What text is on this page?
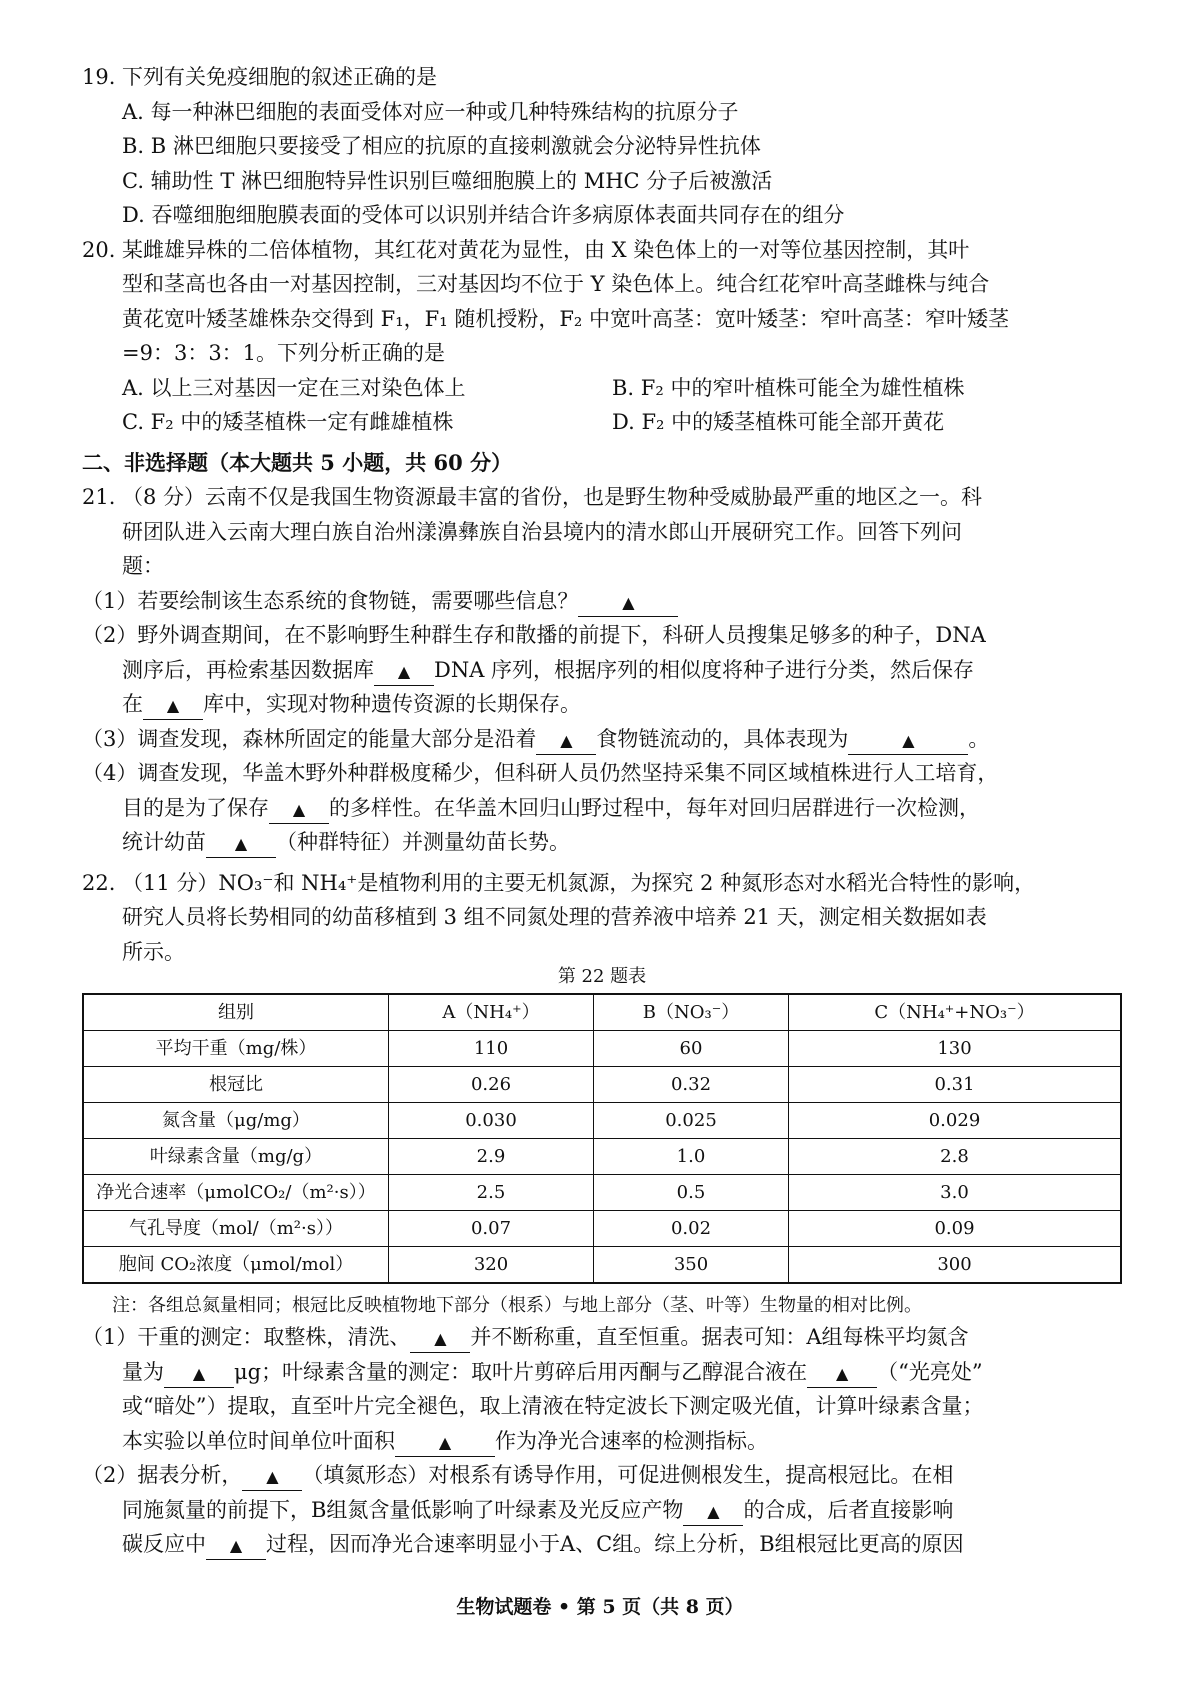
19. 下列有关免疫细胞的叙述正确的是

A. 每一种淋巴细胞的表面受体对应一种或几种特殊结构的抗原分子

B. B 淋巴细胞只要接受了相应的抗原的直接刺激就会分泌特异性抗体

C. 辅助性 T 淋巴细胞特异性识别巨噬细胞膜上的 MHC 分子后被激活

D. 吞噬细胞细胞膜表面的受体可以识别并结合许多病原体表面共同存在的组分

20. 某雌雄异株的二倍体植物，其红花对黄花为显性，由 X 染色体上的一对等位基因控制，其叶

型和茎高也各由一对基因控制，三对基因均不位于 Y 染色体上。纯合红花窄叶高茎雌株与纯合

黄花宽叶矮茎雄株杂交得到 F₁，F₁ 随机授粉，F₂ 中宽叶高茎：宽叶矮茎：窄叶高茎：窄叶矮茎

=9：3：3：1。下列分析正确的是

A. 以上三对基因一定在三对染色体上	B. F₂ 中的窄叶植株可能全为雄性植株

C. F₂ 中的矮茎植株一定有雌雄植株	D. F₂ 中的矮茎植株可能全部开黄花

二、非选择题（本大题共 5 小题，共 60 分）

21. （8 分）云南不仅是我国生物资源最丰富的省份，也是野生物种受威胁最严重的地区之一。科

研团队进入云南大理白族自治州漾濞彝族自治县境内的清水郎山开展研究工作。回答下列问

题：

（1）若要绘制该生态系统的食物链，需要哪些信息？	▲

（2）野外调查期间，在不影响野生种群生存和散播的前提下，科研人员搜集足够多的种子，DNA

测序后，再检索基因数据库 ▲ DNA 序列，根据序列的相似度将种子进行分类，然后保存

在 ▲ 库中，实现对物种遗传资源的长期保存。

（3）调查发现，森林所固定的能量大部分是沿着 ▲ 食物链流动的，具体表现为	▲	。

（4）调查发现，华盖木野外种群极度稀少，但科研人员仍然坚持采集不同区域植株进行人工培育，

目的是为了保存 ▲ 的多样性。在华盖木回归山野过程中，每年对回归居群进行一次检测，

统计幼苗 ▲ （种群特征）并测量幼苗长势。

22. （11 分）NO₃⁻和 NH₄⁺是植物利用的主要无机氮源，为探究 2 种氮形态对水稻光合特性的影响，

研究人员将长势相同的幼苗移植到 3 组不同氮处理的营养液中培养 21 天，测定相关数据如表

所示。

第 22 题表
组别	A（NH₄⁺）	B（NO₃⁻）	C（NH₄⁺+NO₃⁻）
平均干重（mg/株）	110	60	130
根冠比	0.26	0.32	0.31
氮含量（μg/mg）	0.030	0.025	0.029
叶绿素含量（mg/g）	2.9	1.0	2.8
净光合速率（μmolCO₂/（m²·s））	2.5	0.5	3.0
气孔导度（mol/（m²·s））	0.07	0.02	0.09
胞间 CO₂浓度（μmol/mol）	320	350	300
注：各组总氮量相同；根冠比反映植物地下部分（根系）与地上部分（茎、叶等）生物量的相对比例。

（1）干重的测定：取整株，清洗、 ▲ 并不断称重，直至恒重。据表可知：A组每株平均氮含

量为 ▲ μg；叶绿素含量的测定：取叶片剪碎后用丙酮与乙醇混合液在 ▲ （“光亮处”

或“暗处”）提取，直至叶片完全褪色，取上清液在特定波长下测定吸光值，计算叶绿素含量；

本实验以单位时间单位叶面积	▲ 作为净光合速率的检测指标。

（2）据表分析， ▲ （填氮形态）对根系有诱导作用，可促进侧根发生，提高根冠比。在相

同施氮量的前提下，B组氮含量低影响了叶绿素及光反应产物 ▲ 的合成，后者直接影响

碳反应中 ▲ 过程，因而净光合速率明显小于A、C组。综上分析，B组根冠比更高的原因

生物试题卷 • 第 5 页（共 8 页）
